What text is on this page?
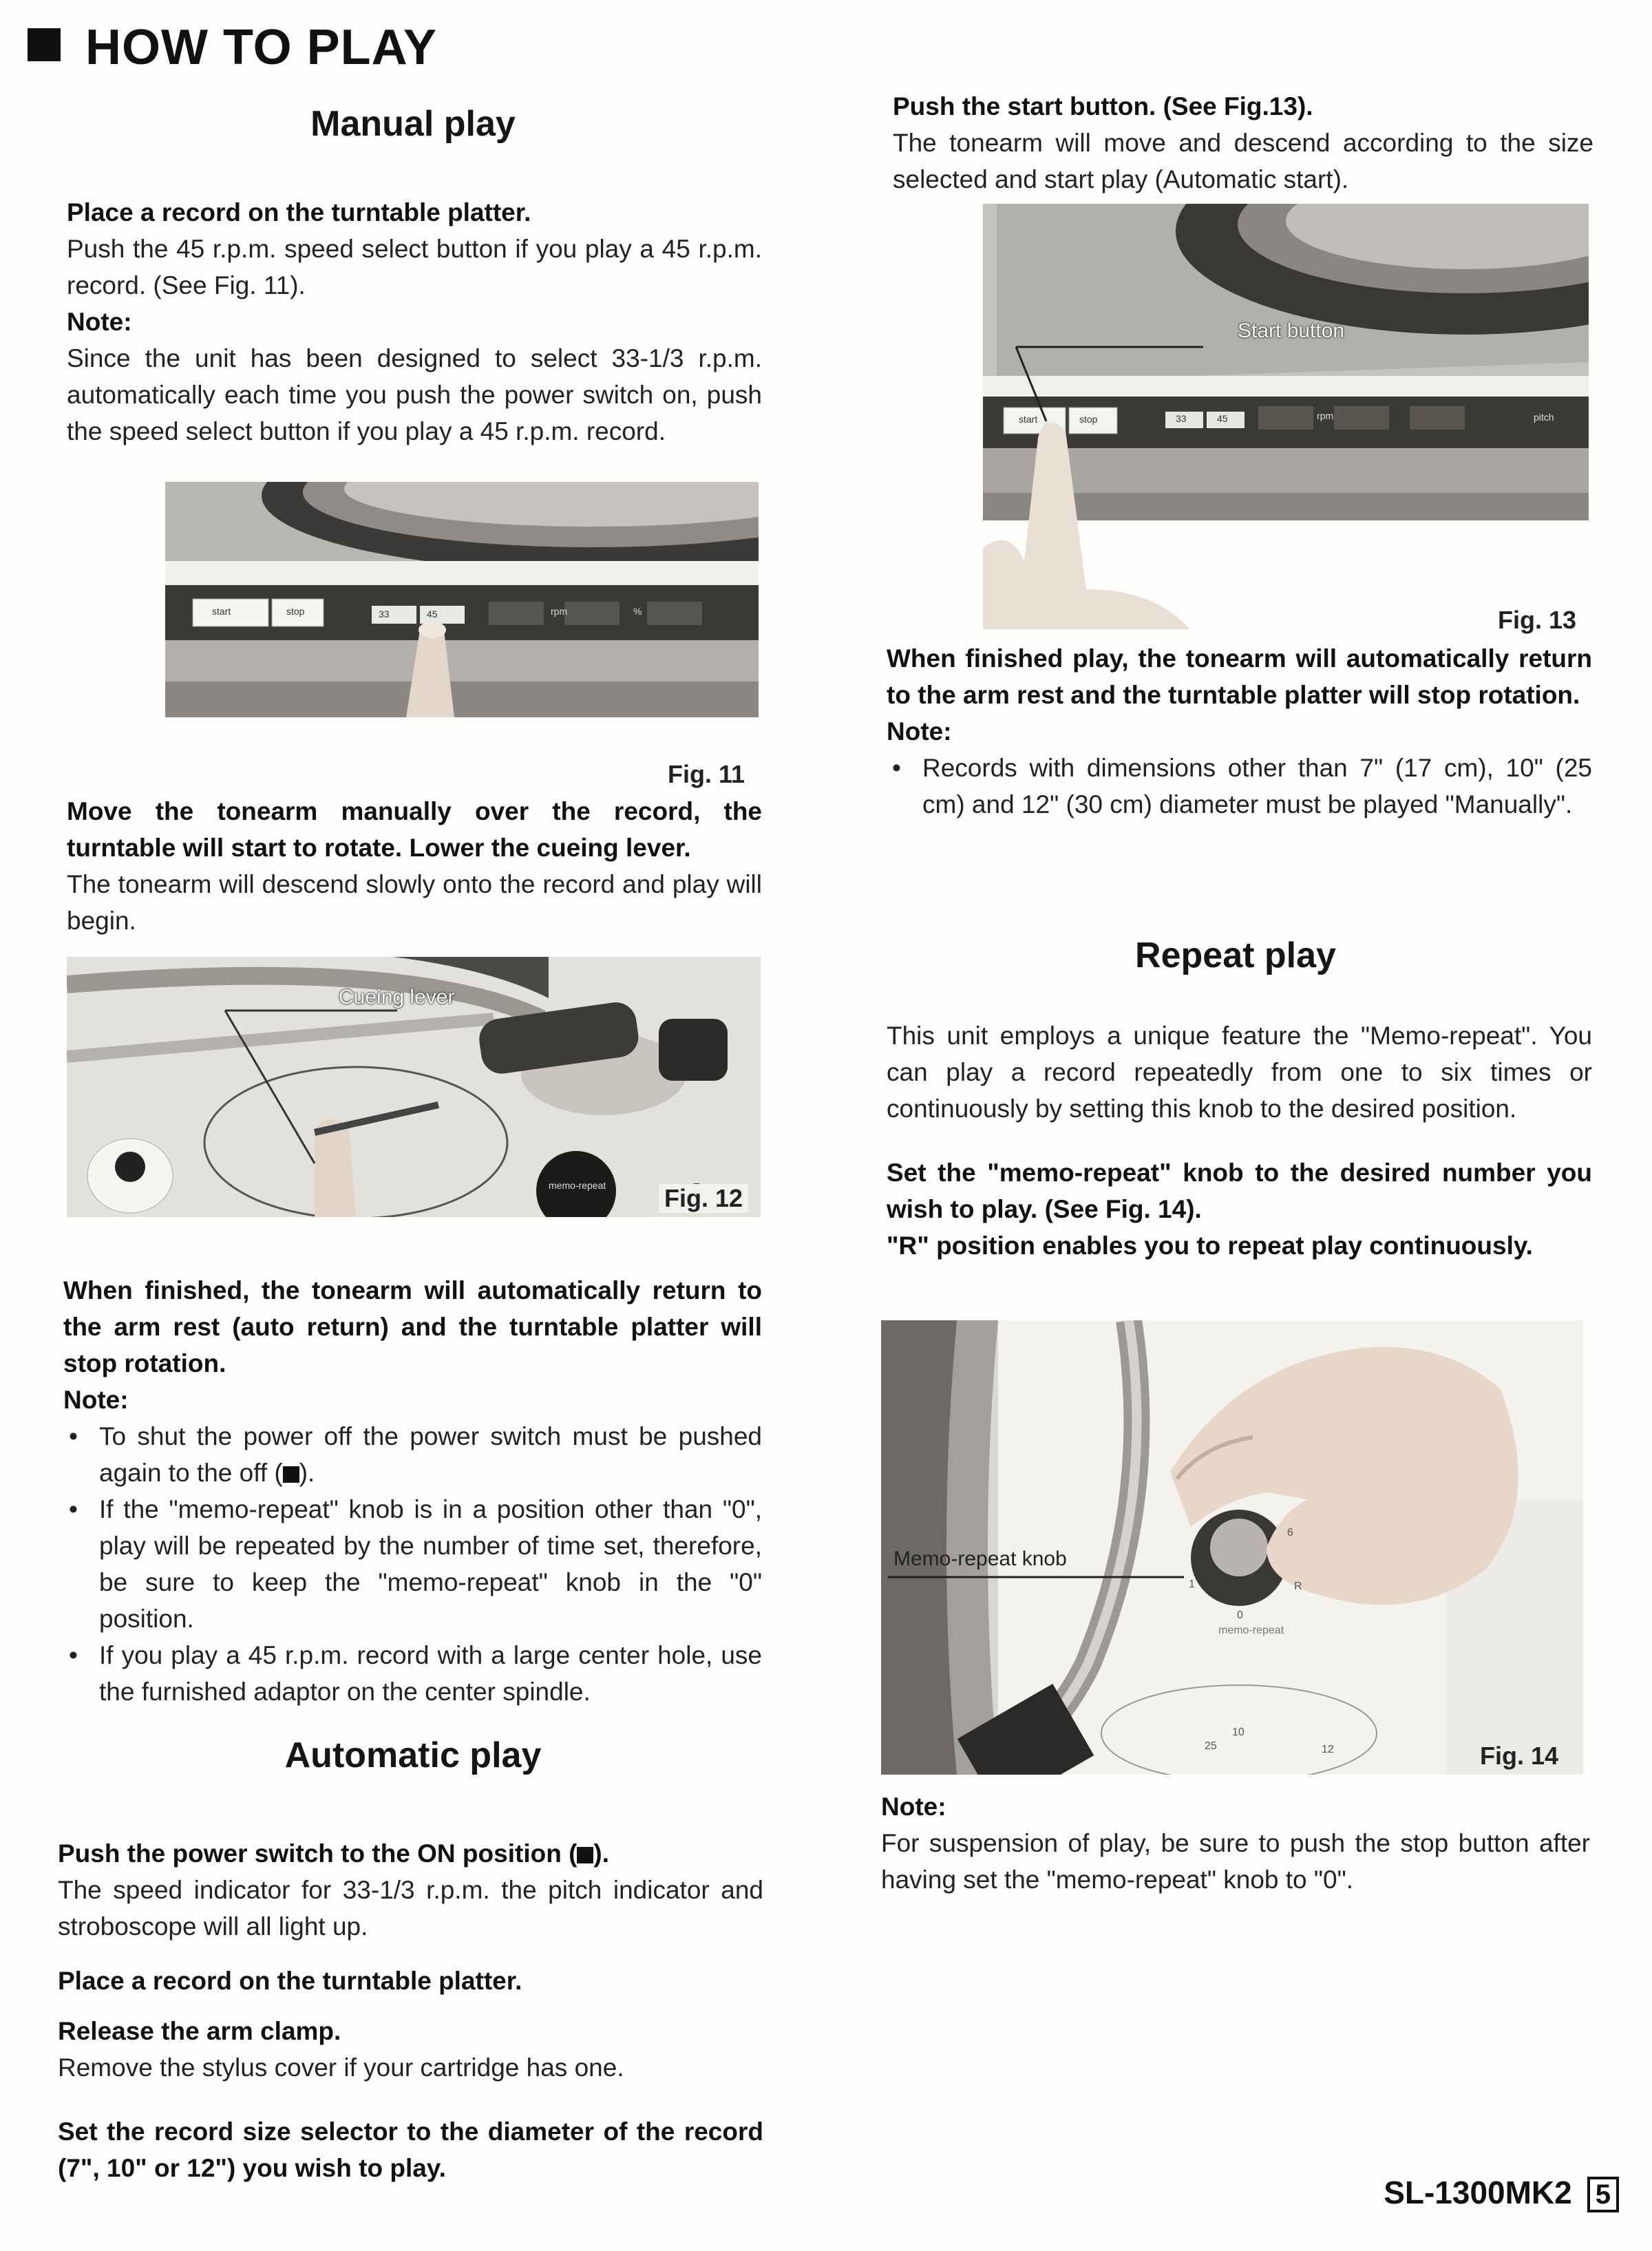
HOW TO PLAY
Manual play

Place a record on the turntable platter.

Push the 45 r.p.m. speed select button if you play a 45 r.p.m. record. (See Fig. 11).

Note:

Since the unit has been designed to select 33-1/3 r.p.m. automatically each time you push the power switch on, push the speed select button if you play a 45 r.p.m. record.

start	stop	33	45	rpm	%
Fig. 11

Move the tonearm manually over the record, the turntable will start to rotate. Lower the cueing lever.

The tonearm will descend slowly onto the record and play will begin.

Cueing lever
memo-repeat Fig. 12

When finished, the tonearm will automatically return to the arm rest (auto return) and the turntable platter will stop rotation.

Note:

• To shut the power off the power switch must be pushed again to the off ( ).
• If the "memo-repeat" knob is in a position other than "0", play will be repeated by the number of time set, therefore, be sure to keep the "memo-repeat" knob in the "0" position.
• If you play a 45 r.p.m. record with a large center hole, use the furnished adaptor on the center spindle.
Automatic play

Push the power switch to the ON position ( ).

The speed indicator for 33-1/3 r.p.m. the pitch indicator and stroboscope will all light up.

Place a record on the turntable platter.

Release the arm clamp.

Remove the stylus cover if your cartridge has one.

Set the record size selector to the diameter of the record (7", 10" or 12") you wish to play.

Push the start button. (See Fig.13).

The tonearm will move and descend according to the size selected and start play (Automatic start).

Start button
start	stop	33	45	rpm	pitch
Fig. 13

When finished play, the tonearm will automatically return to the arm rest and the turntable platter will stop rotation.

Note:

• Records with dimensions other than 7" (17 cm), 10" (25 cm) and 12" (30 cm) diameter must be played "Manually".
Repeat play

This unit employs a unique feature the "Memo-repeat". You can play a record repeatedly from one to six times or continuously by setting this knob to the desired position.

Set the "memo-repeat" knob to the desired number you wish to play. (See Fig. 14).

"R" position enables you to repeat play continuously.

Memo-repeat knob
memo-repeat
1
6
R
0
10
25	12	Fig. 14

Note:

For suspension of play, be sure to push the stop button after having set the "memo-repeat" knob to "0".

SL-1300MK2 5
